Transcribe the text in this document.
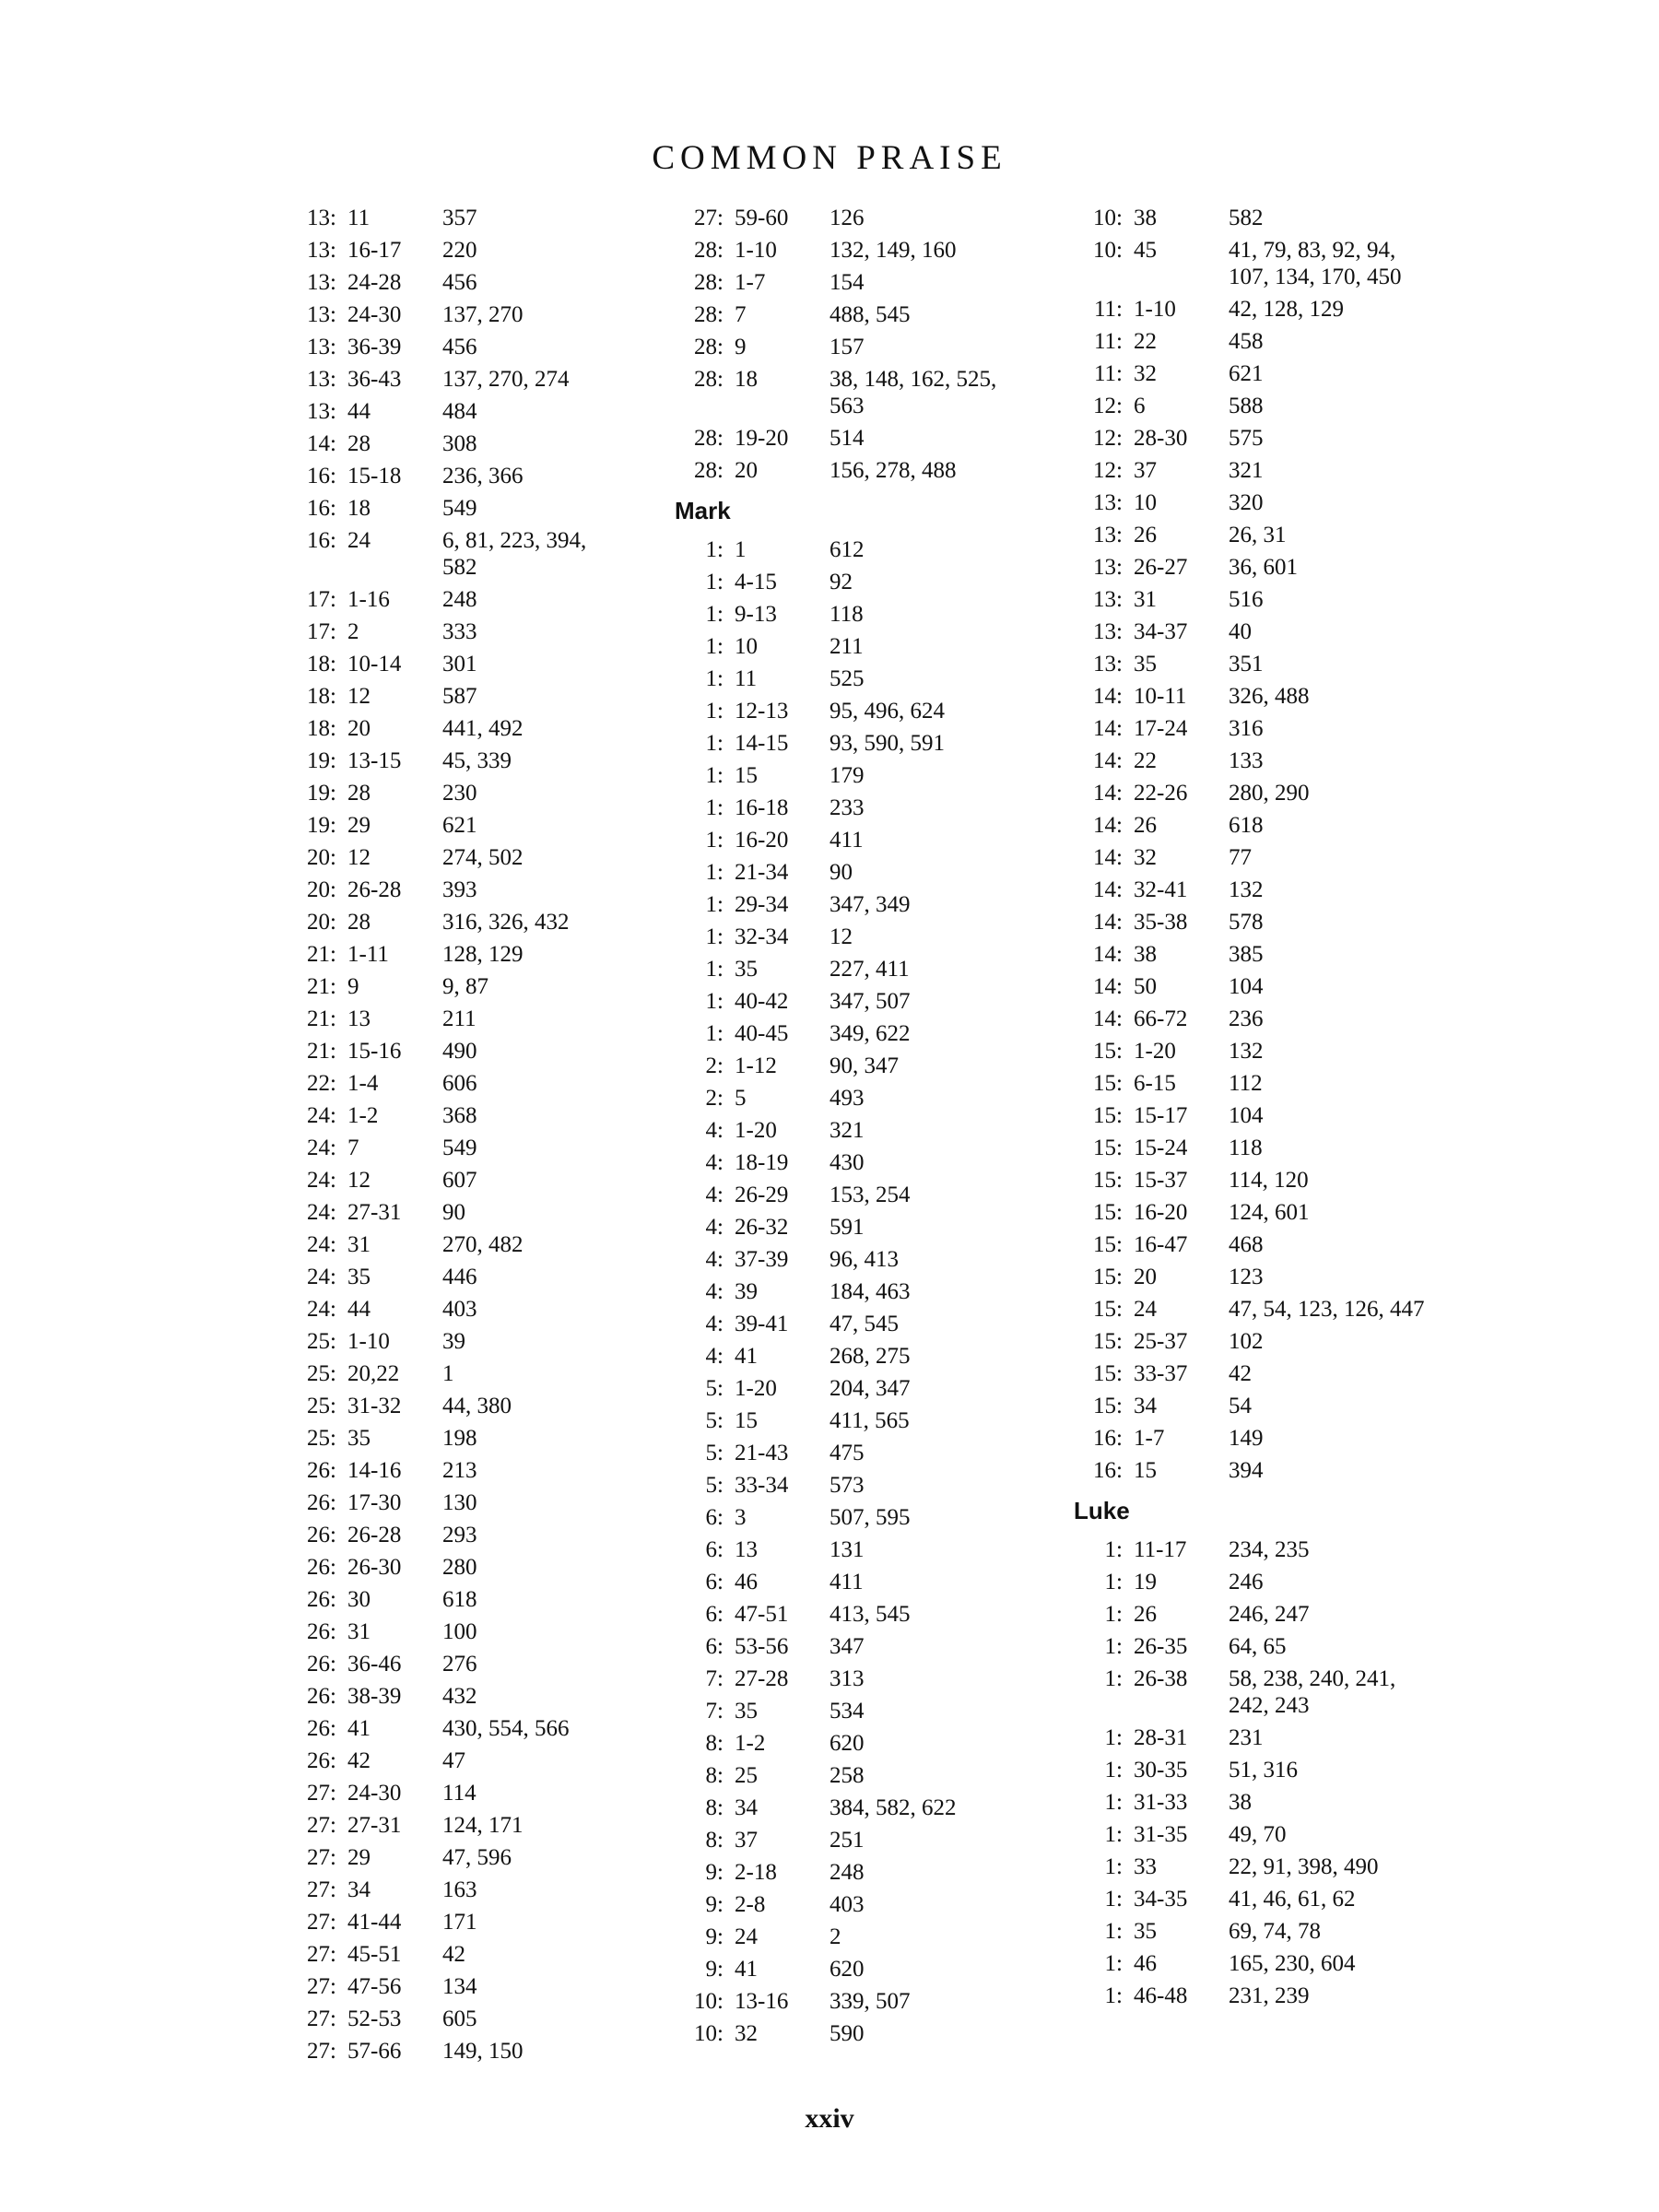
COMMON PRAISE
13: 11	357
13: 16-17	220
13: 24-28	456
13: 24-30	137, 270
13: 36-39	456
13: 36-43	137, 270, 274
13: 44	484
14: 28	308
16: 15-18	236, 366
16: 18	549
16: 24	6, 81, 223, 394, 582
17: 1-16	248
17: 2	333
18: 10-14	301
18: 12	587
18: 20	441, 492
19: 13-15	45, 339
19: 28	230
19: 29	621
20: 12	274, 502
20: 26-28	393
20: 28	316, 326, 432
21: 1-11	128, 129
21: 9	9, 87
21: 13	211
21: 15-16	490
22: 1-4	606
24: 1-2	368
24: 7	549
24: 12	607
24: 27-31	90
24: 31	270, 482
24: 35	446
24: 44	403
25: 1-10	39
25: 20,22	1
25: 31-32	44, 380
25: 35	198
26: 14-16	213
26: 17-30	130
26: 26-28	293
26: 26-30	280
26: 30	618
26: 31	100
26: 36-46	276
26: 38-39	432
26: 41	430, 554, 566
26: 42	47
27: 24-30	114
27: 27-31	124, 171
27: 29	47, 596
27: 34	163
27: 41-44	171
27: 45-51	42
27: 47-56	134
27: 52-53	605
27: 57-66	149, 150
27: 59-60	126
28: 1-10	132, 149, 160
28: 1-7	154
28: 7	488, 545
28: 9	157
28: 18	38, 148, 162, 525, 563
28: 19-20	514
28: 20	156, 278, 488
Mark
1: 1	612
1: 4-15	92
1: 9-13	118
1: 10	211
1: 11	525
1: 12-13	95, 496, 624
1: 14-15	93, 590, 591
1: 15	179
1: 16-18	233
1: 16-20	411
1: 21-34	90
1: 29-34	347, 349
1: 32-34	12
1: 35	227, 411
1: 40-42	347, 507
1: 40-45	349, 622
2: 1-12	90, 347
2: 5	493
4: 1-20	321
4: 18-19	430
4: 26-29	153, 254
4: 26-32	591
4: 37-39	96, 413
4: 39	184, 463
4: 39-41	47, 545
4: 41	268, 275
5: 1-20	204, 347
5: 15	411, 565
5: 21-43	475
5: 33-34	573
6: 3	507, 595
6: 13	131
6: 46	411
6: 47-51	413, 545
6: 53-56	347
7: 27-28	313
7: 35	534
8: 1-2	620
8: 25	258
8: 34	384, 582, 622
8: 37	251
9: 2-18	248
9: 2-8	403
9: 24	2
9: 41	620
10: 13-16	339, 507
10: 32	590
10: 38	582
10: 45	41, 79, 83, 92, 94, 107, 134, 170, 450
11: 1-10	42, 128, 129
11: 22	458
11: 32	621
12: 6	588
12: 28-30	575
12: 37	321
13: 10	320
13: 26	26, 31
13: 26-27	36, 601
13: 31	516
13: 34-37	40
13: 35	351
14: 10-11	326, 488
14: 17-24	316
14: 22	133
14: 22-26	280, 290
14: 26	618
14: 32	77
14: 32-41	132
14: 35-38	578
14: 38	385
14: 50	104
14: 66-72	236
15: 1-20	132
15: 6-15	112
15: 15-17	104
15: 15-24	118
15: 15-37	114, 120
15: 16-20	124, 601
15: 16-47	468
15: 20	123
15: 24	47, 54, 123, 126, 447
15: 25-37	102
15: 33-37	42
15: 34	54
16: 1-7	149
16: 15	394
Luke
1: 11-17	234, 235
1: 19	246
1: 26	246, 247
1: 26-35	64, 65
1: 26-38	58, 238, 240, 241, 242, 243
1: 28-31	231
1: 30-35	51, 316
1: 31-33	38
1: 31-35	49, 70
1: 33	22, 91, 398, 490
1: 34-35	41, 46, 61, 62
1: 35	69, 74, 78
1: 46	165, 230, 604
1: 46-48	231, 239
xxiv
